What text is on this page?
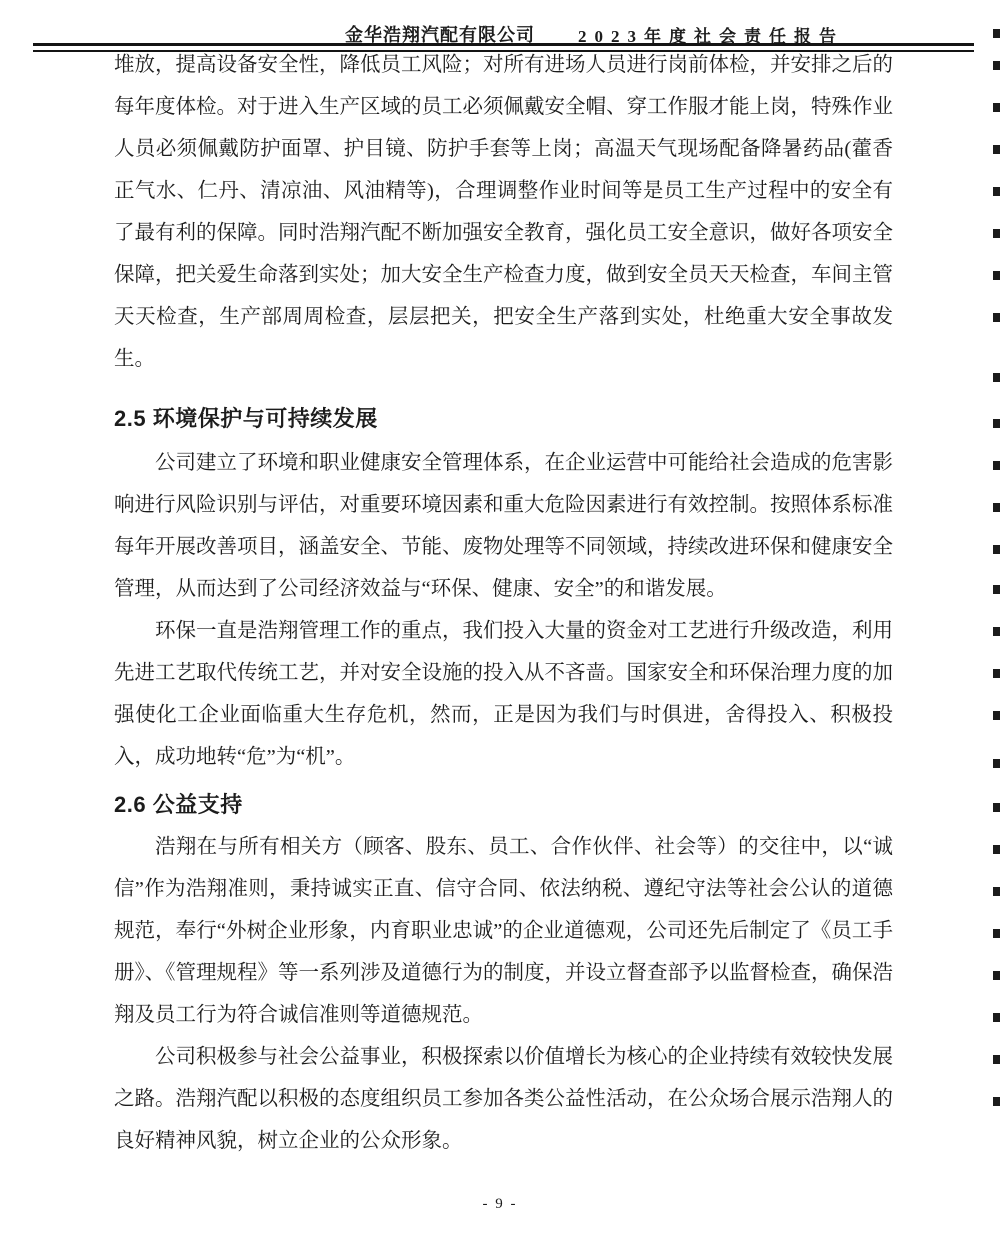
金华浩翔汽配有限公司	2023年度社会责任报告
堆放，提高设备安全性，降低员工风险；对所有进场人员进行岗前体检，并安排之后的每年度体检。对于进入生产区域的员工必须佩戴安全帽、穿工作服才能上岗，特殊作业人员必须佩戴防护面罩、护目镜、防护手套等上岗；高温天气现场配备降暑药品(藿香正气水、仁丹、清凉油、风油精等)，合理调整作业时间等是员工生产过程中的安全有了最有利的保障。同时浩翔汽配不断加强安全教育，强化员工安全意识，做好各项安全保障，把关爱生命落到实处；加大安全生产检查力度，做到安全员天天检查，车间主管天天检查，生产部周周检查，层层把关，把安全生产落到实处，杜绝重大安全事故发生。
2.5 环境保护与可持续发展
公司建立了环境和职业健康安全管理体系，在企业运营中可能给社会造成的危害影响进行风险识别与评估，对重要环境因素和重大危险因素进行有效控制。按照体系标准每年开展改善项目，涵盖安全、节能、废物处理等不同领域，持续改进环保和健康安全管理，从而达到了公司经济效益与“环保、健康、安全”的和谐发展。
环保一直是浩翔管理工作的重点，我们投入大量的资金对工艺进行升级改造，利用先进工艺取代传统工艺，并对安全设施的投入从不吝啬。国家安全和环保治理力度的加强使化工企业面临重大生存危机，然而，正是因为我们与时俱进，舍得投入、积极投入，成功地转“危”为“机”。
2.6 公益支持
浩翔在与所有相关方（顾客、股东、员工、合作伙伴、社会等）的交往中，以“诚信”作为浩翔准则，秉持诚实正直、信守合同、依法纳税、遵纪守法等社会公认的道德规范，奉行“外树企业形象，内育职业忠诚”的企业道德观，公司还先后制定了《员工手册》、《管理规程》等一系列涉及道德行为的制度，并设立督查部予以监督检查，确保浩翔及员工行为符合诚信准则等道德规范。
公司积极参与社会公益事业，积极探索以价值增长为核心的企业持续有效较快发展之路。浩翔汽配以积极的态度组织员工参加各类公益性活动，在公众场合展示浩翔人的良好精神风貌，树立企业的公众形象。
- 9 -
